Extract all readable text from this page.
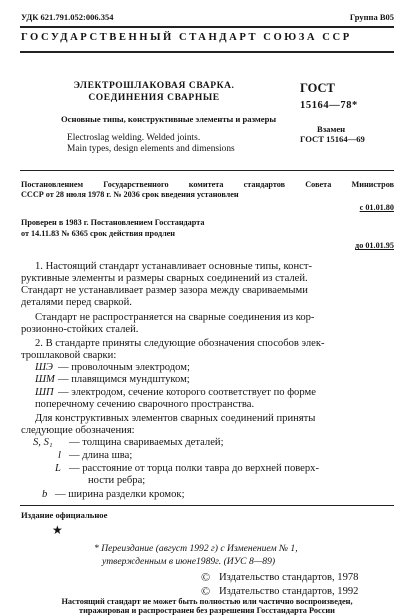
УДК 621.791.052:006.354	Группа В05
ГОСУДАРСТВЕННЫЙ СТАНДАРТ СОЮЗА ССР
ЭЛЕКТРОШЛАКОВАЯ СВАРКА.
СОЕДИНЕНИЯ СВАРНЫЕ
Основные типы, конструктивные элементы и размеры
Electroslag welding. Welded joints.
Main types, design elements and dimensions
ГОСТ
15164—78*
Взамен
ГОСТ 15164—69
Постановлением Государственного комитета стандартов Совета Министров
СССР от 28 июля 1978 г. № 2036 срок введения установлен
с 01.01.80
Проверен в 1983 г. Постановлением Госстандарта
от 14.11.83 № 6365 срок действия продлен
до 01.01.95
1. Настоящий стандарт устанавливает основные типы, конст-
руктивные элементы и размеры сварных соединений из сталей.
Стандарт не устанавливает размер зазора между свариваемыми
деталями перед сваркой.
Стандарт не распространяется на сварные соединения из кор-
розионно-стойких сталей.
2. В стандарте приняты следующие обозначения способов элек-
трошлаковой сварки:
ШЭ — проволочным электродом;
ШМ — плавящимся мундштуком;
ШП — электродом, сечение которого соответствует по форме
поперечному сечению сварочного пространства.
Для конструктивных элементов сварных соединений приняты
следующие обозначения:
S, S₁ — толщина свариваемых деталей;
l — длина шва;
L — расстояние от торца полки тавра до верхней поверх-
ности ребра;
b — ширина разделки кромок;
Издание официальное
★
* Переиздание (август 1992 г) с Изменением № 1,
утвержденным в июне1989г. (ИУС 8—89)
© Издательство стандартов, 1978
© Издательство стандартов, 1992
Настоящий стандарт не может быть полностью или частично воспроизведен,
тиражирован и распространен без разрешения Госстандарта России
